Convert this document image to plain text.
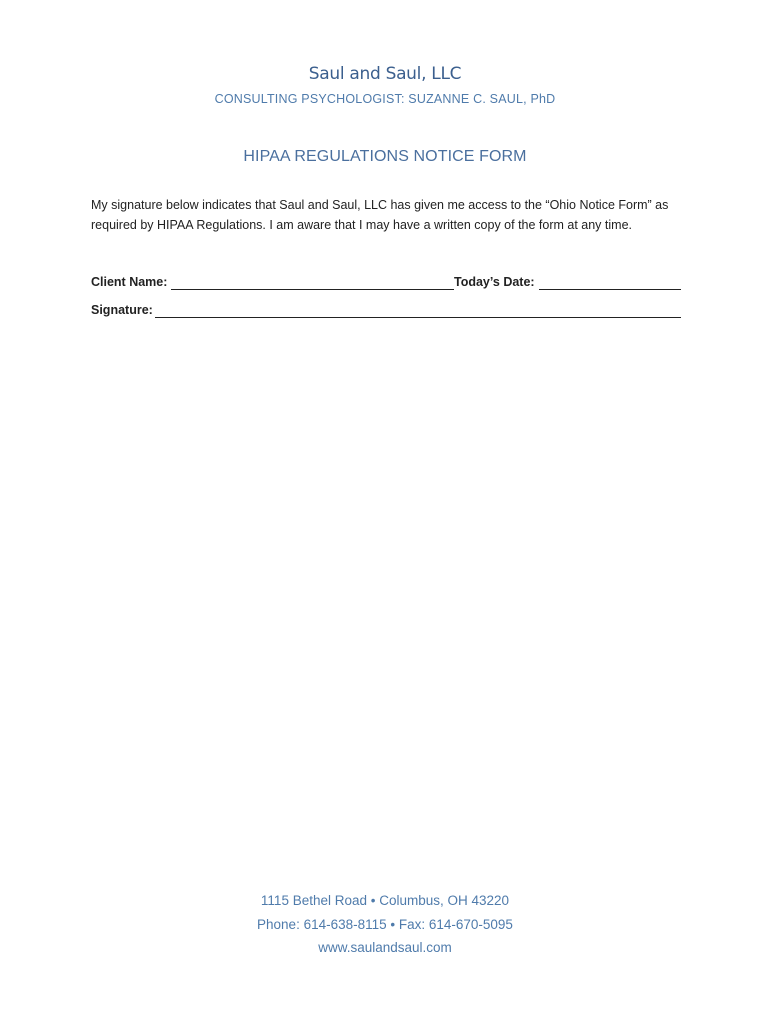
Saul and Saul, LLC
CONSULTING PSYCHOLOGIST: SUZANNE C. SAUL, PhD
HIPAA REGULATIONS NOTICE FORM
My signature below indicates that Saul and Saul, LLC has given me access to the “Ohio Notice Form” as required by HIPAA Regulations. I am aware that I may have a written copy of the form at any time.
Client Name:	Today’s Date:
Signature:
1115 Bethel Road • Columbus, OH 43220
Phone: 614-638-8115 • Fax: 614-670-5095
www.saulandsaul.com
